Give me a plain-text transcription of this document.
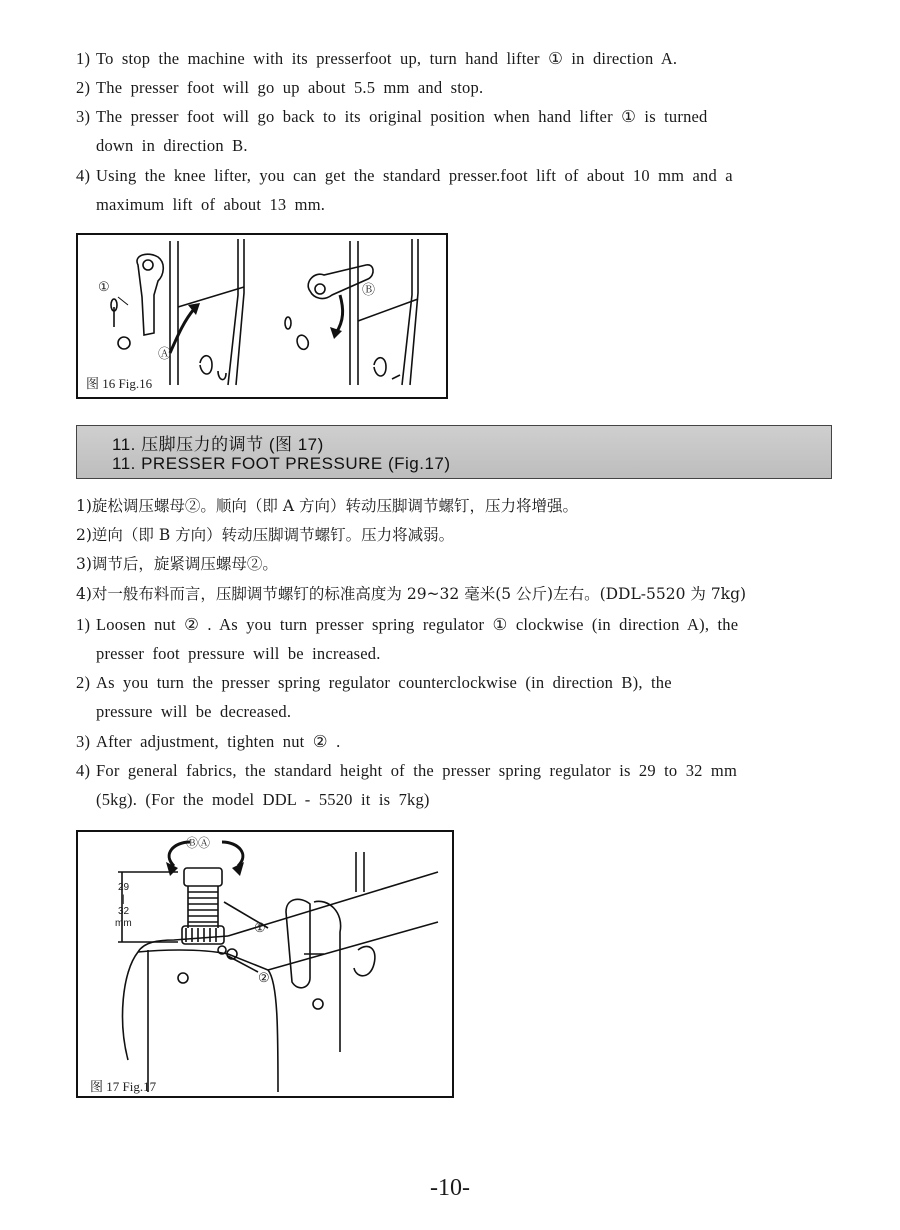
1) To stop the machine with its presserfoot up, turn hand lifter ① in direction A.
2) The presser foot will go up about 5.5 mm and stop.
3) The presser foot will go back to its original position when hand lifter ① is turned
down in direction B.
4) Using the knee lifter, you can get the standard presser.foot lift of about 10 mm and a
maximum lift of about 13 mm.
①
Ⓐ
Ⓑ
图 16 Fig.16
11. 压脚压力的调节 (图 17)
11. PRESSER FOOT PRESSURE (Fig.17)
1)旋松调压螺母②。顺向（即 A 方向）转动压脚调节螺钉，压力将增强。
2)逆向（即 B 方向）转动压脚调节螺钉。压力将减弱。
3)调节后，旋紧调压螺母②。
4)对一般布料而言，压脚调节螺钉的标准高度为 29~32 毫米(5 公斤)左右。(DDL-5520 为 7kg)
1) Loosen nut ② . As you turn presser spring regulator ① clockwise (in direction A), the
presser foot pressure will be increased.
2) As you turn the presser spring regulator counterclockwise (in direction B), the
pressure will be decreased.
3) After adjustment, tighten nut ② .
4) For general fabrics, the standard height of the presser spring regulator is 29 to 32 mm
(5kg). (For the model DDL - 5520 it is 7kg)
29
|
32
mm
ⒷⒶ
①
②
图 17 Fig.17
-10-
